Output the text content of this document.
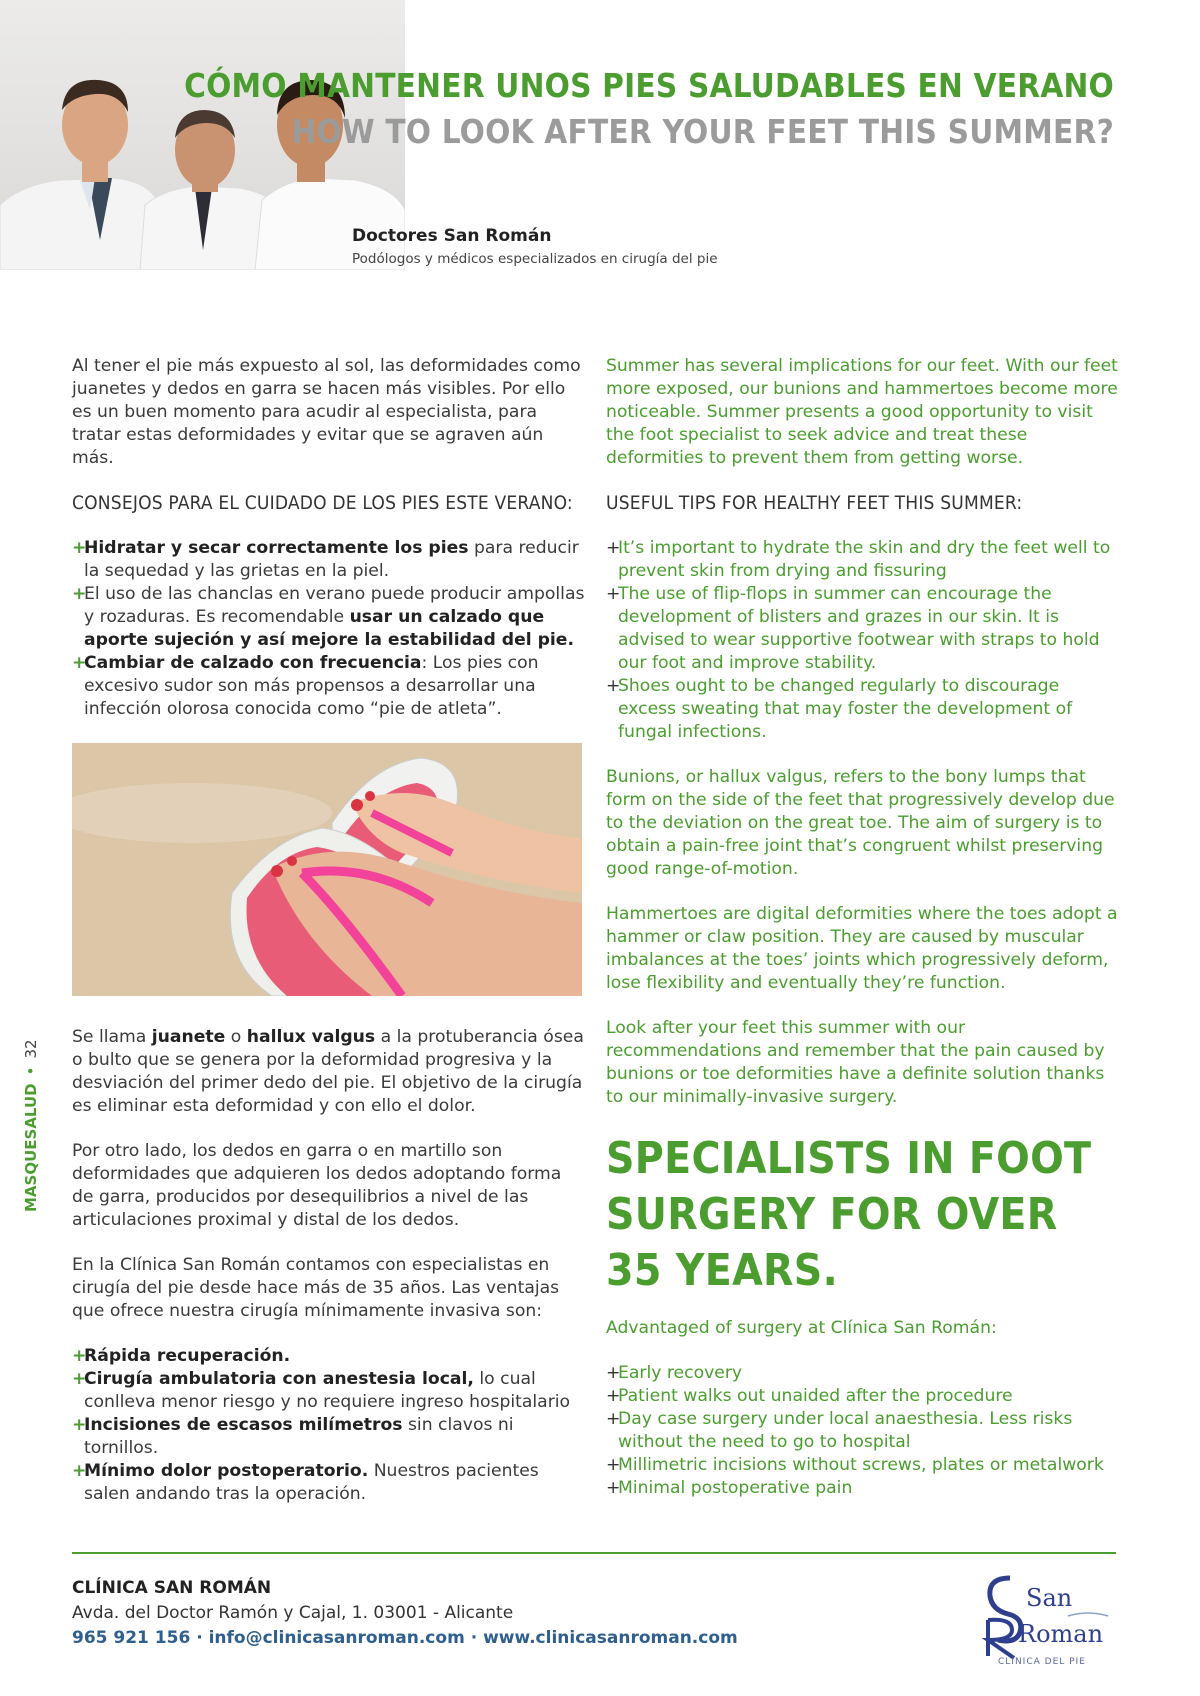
CÓMO MANTENER UNOS PIES SALUDABLES EN VERANO
HOW TO LOOK AFTER YOUR FEET THIS SUMMER?
Doctores San Román
Podólogos y médicos especializados en cirugía del pie

Al tener el pie más expuesto al sol, las deformidades como juanetes y dedos en garra se hacen más visibles. Por ello es un buen momento para acudir al especialista, para tratar estas deformidades y evitar que se agraven aún más.

CONSEJOS PARA EL CUIDADO DE LOS PIES ESTE VERANO:
+ Hidratar y secar correctamente los pies para reducir la sequedad y las grietas en la piel.
+ El uso de las chanclas en verano puede producir ampollas y rozaduras. Es recomendable usar un calzado que aporte sujeción y así mejore la estabilidad del pie.
+ Cambiar de calzado con frecuencia: Los pies con excesivo sudor son más propensos a desarrollar una infección olorosa conocida como “pie de atleta”.

Se llama juanete o hallux valgus a la protuberancia ósea o bulto que se genera por la deformidad progresiva y la desviación del primer dedo del pie. El objetivo de la cirugía es eliminar esta deformidad y con ello el dolor.

Por otro lado, los dedos en garra o en martillo son deformidades que adquieren los dedos adoptando forma de garra, producidos por desequilibrios a nivel de las articulaciones proximal y distal de los dedos.

En la Clínica San Román contamos con especialistas en cirugía del pie desde hace más de 35 años. Las ventajas que ofrece nuestra cirugía mínimamente invasiva son:

+ Rápida recuperación.
+ Cirugía ambulatoria con anestesia local, lo cual conlleva menor riesgo y no requiere ingreso hospitalario
+ Incisiones de escasos milímetros sin clavos ni tornillos.
+ Mínimo dolor postoperatorio. Nuestros pacientes salen andando tras la operación.

Summer has several implications for our feet. With our feet more exposed, our bunions and hammertoes become more noticeable. Summer presents a good opportunity to visit the foot specialist to seek advice and treat these deformities to prevent them from getting worse.

USEFUL TIPS FOR HEALTHY FEET THIS SUMMER:
+ It’s important to hydrate the skin and dry the feet well to prevent skin from drying and fissuring
+ The use of flip-flops in summer can encourage the development of blisters and grazes in our skin. It is advised to wear supportive footwear with straps to hold our foot and improve stability.
+ Shoes ought to be changed regularly to discourage excess sweating that may foster the development of fungal infections.

Bunions, or hallux valgus, refers to the bony lumps that form on the side of the feet that progressively develop due to the deviation on the great toe. The aim of surgery is to obtain a pain-free joint that’s congruent whilst preserving good range-of-motion.

Hammertoes are digital deformities where the toes adopt a hammer or claw position. They are caused by muscular imbalances at the toes’ joints which progressively deform, lose flexibility and eventually they’re function.

Look after your feet this summer with our recommendations and remember that the pain caused by bunions or toe deformities have a definite solution thanks to our minimally-invasive surgery.

SPECIALISTS IN FOOT SURGERY FOR OVER 35 YEARS.

Advantaged of surgery at Clínica San Román:

+ Early recovery
+ Patient walks out unaided after the procedure
+ Day case surgery under local anaesthesia. Less risks without the need to go to hospital
+ Millimetric incisions without screws, plates or metalwork
+ Minimal postoperative pain
MASQUESALUD•32
CLÍNICA SAN ROMÁN
Avda. del Doctor Ramón y Cajal, 1. 03001 - Alicante
965 921 156 · info@clinicasanroman.com · www.clinicasanroman.com
San
Roman
CLÍNICA DEL PIE
